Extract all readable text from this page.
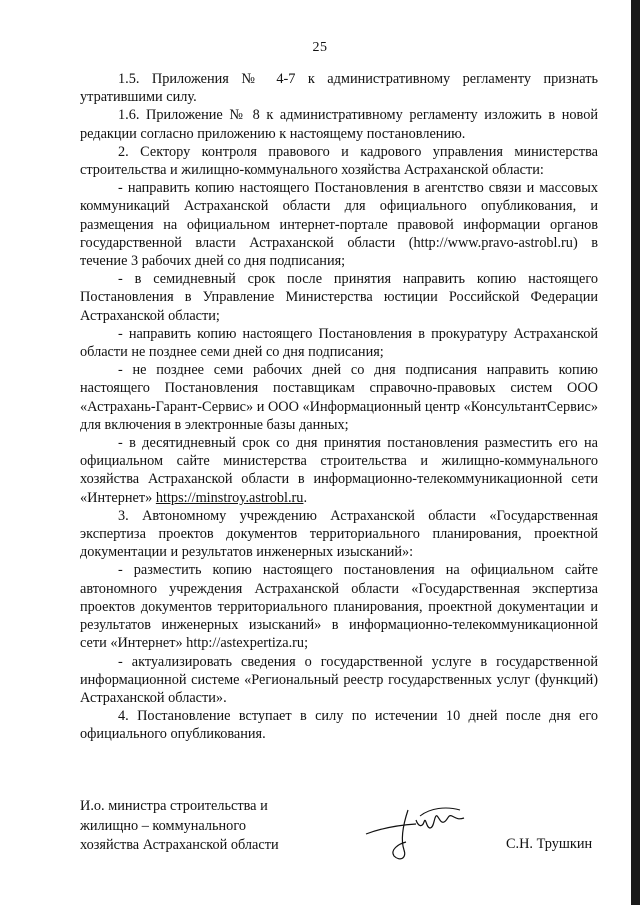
25

1.5. Приложения № 4-7 к административному регламенту признать утратившими силу.

1.6. Приложение № 8 к административному регламенту изложить в новой редакции согласно приложению к настоящему постановлению.

2. Сектору контроля правового и кадрового управления министерства строительства и жилищно-коммунального хозяйства Астраханской области:

- направить копию настоящего Постановления в агентство связи и массовых коммуникаций Астраханской области для официального опубликования, и размещения на официальном интернет-портале правовой информации органов государственной власти Астраханской области (http://www.pravo-astrobl.ru) в течение 3 рабочих дней со дня подписания;

- в семидневный срок после принятия направить копию настоящего Постановления в Управление Министерства юстиции Российской Федерации Астраханской области;

- направить копию настоящего Постановления в прокуратуру Астраханской области не позднее семи дней со дня подписания;

- не позднее семи рабочих дней со дня подписания направить копию настоящего Постановления поставщикам справочно-правовых систем ООО «Астрахань-Гарант-Сервис» и ООО «Информационный центр «КонсультантСервис» для включения в электронные базы данных;

- в десятидневный срок со дня принятия постановления разместить его на официальном сайте министерства строительства и жилищно-коммунального хозяйства Астраханской области в информационно-телекоммуникационной сети «Интернет» https://minstroy.astrobl.ru.

3. Автономному учреждению Астраханской области «Государственная экспертиза проектов документов территориального планирования, проектной документации и результатов инженерных изысканий»:

- разместить копию настоящего постановления на официальном сайте автономного учреждения Астраханской области «Государственная экспертиза проектов документов территориального планирования, проектной документации и результатов инженерных изысканий» в информационно-телекоммуникационной сети «Интернет» http://astexpertiza.ru;

- актуализировать сведения о государственной услуге в государственной информационной системе «Региональный реестр государственных услуг (функций) Астраханской области».

4. Постановление вступает в силу по истечении 10 дней после дня его официального опубликования.

И.о. министра строительства и
жилищно – коммунального
хозяйства Астраханской области	С.Н. Трушкин
